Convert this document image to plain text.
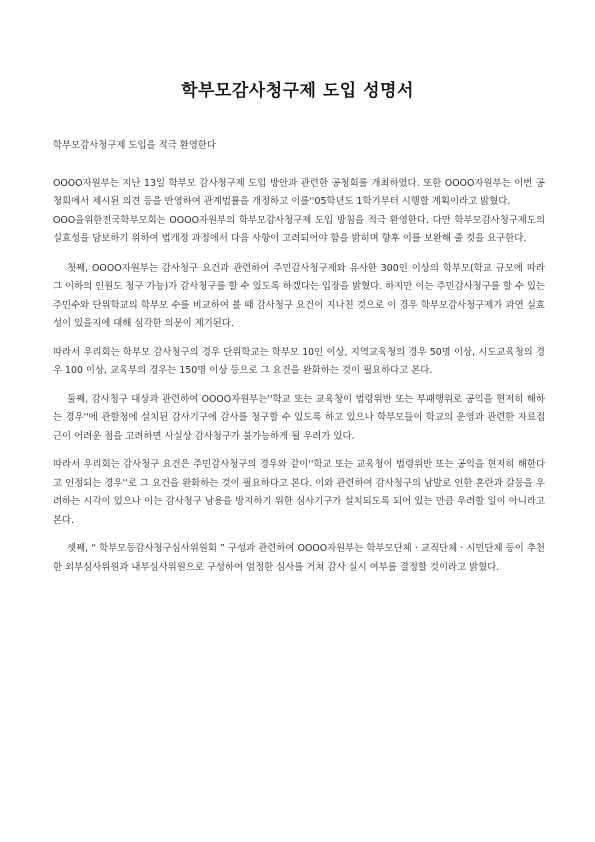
학부모감사청구제 도입 성명서

학부모감사청구제 도입을 적극 환영한다

OOOO자원부는 지난 13일 학부모 감사청구제 도입 방안과 관련한 공청회를 개최하였다. 또한 OOOO자원부는 이번 공청회에서 제시된 의견 등을 반영하여 관계법률을 개정하고 이를''05학년도 1학기부터 시행할 계획이라고 밝혔다.

OOO을위한전국학부모회는 OOOO자원부의 학부모감사청구제 도입 방침을 적극 환영한다. 다만 학부모감사청구제도의 실효성을 담보하기 위하여 법개정 과정에서 다음 사항이 고려되어야 함을 밝히며 향후 이를 보완해 줄 것을 요구한다.

첫째, OOOO자원부는 감사청구 요건과 관련하여 주민감사청구제와 유사한 300인 이상의 학부모(학교 규모에 따라 그 이하의 인원도 청구 가능)가 감사청구를 할 수 있도록 하겠다는 입장을 밝혔다. 하지만 이는 주민감사청구를 할 수 있는 주민수와 단위학교의 학부모 수를 비교하여 볼 때 감사청구 요건이 지나친 것으로 이 경우 학부모감사청구제가 과연 실효성이 있을지에 대해 심각한 의문이 제기된다.

따라서 우리회는 학부모 감사청구의 경우 단위학교는 학부모 10인 이상, 지역교육청의 경우 50명 이상, 시도교육청의 경우 100 이상, 교육부의 경우는 150명 이상 등으로 그 요건을 완화하는 것이 필요하다고 본다.

둘째, 감사청구 대상과 관련하여 OOOO자원부는''학교 또는 교육청이 법령위반 또는 부패행위로 공익을 현저히 해하는 경우''에 관할청에 설치된 감사기구에 감사를 청구할 수 있도록 하고 있으나 학부모들이 학교의 운영과 관련한 자료접근이 어려운 점을 고려하면 사실상 감사청구가 불가능하게 될 우려가 있다.

따라서 우리회는 감사청구 요건은 주민감사청구의 경우와 같이''학교 또는 교육청이 법령위반 또는 공익을 현저히 해한다고 인정되는 경우''로 그 요건을 완화하는 것이 필요하다고 본다. 이와 관련하여 감사청구의 남발로 인한 혼란과 갈등을 우려하는 시각이 있으나 이는 감사청구 남용을 방지하기 위한 심사기구가 설치되도록 되어 있는 만큼 우려할 일이 아니라고 본다.

셋째, “ 학부모등감사청구심사위원회 ” 구성과 관련하여 OOOO자원부는 학부모단체 · 교직단체 · 시민단체 등이 추천한 외부심사위원과 내부심사위원으로 구성하여 엄정한 심사를 거쳐 감사 실시 여부를 결정할 것이라고 밝혔다.
